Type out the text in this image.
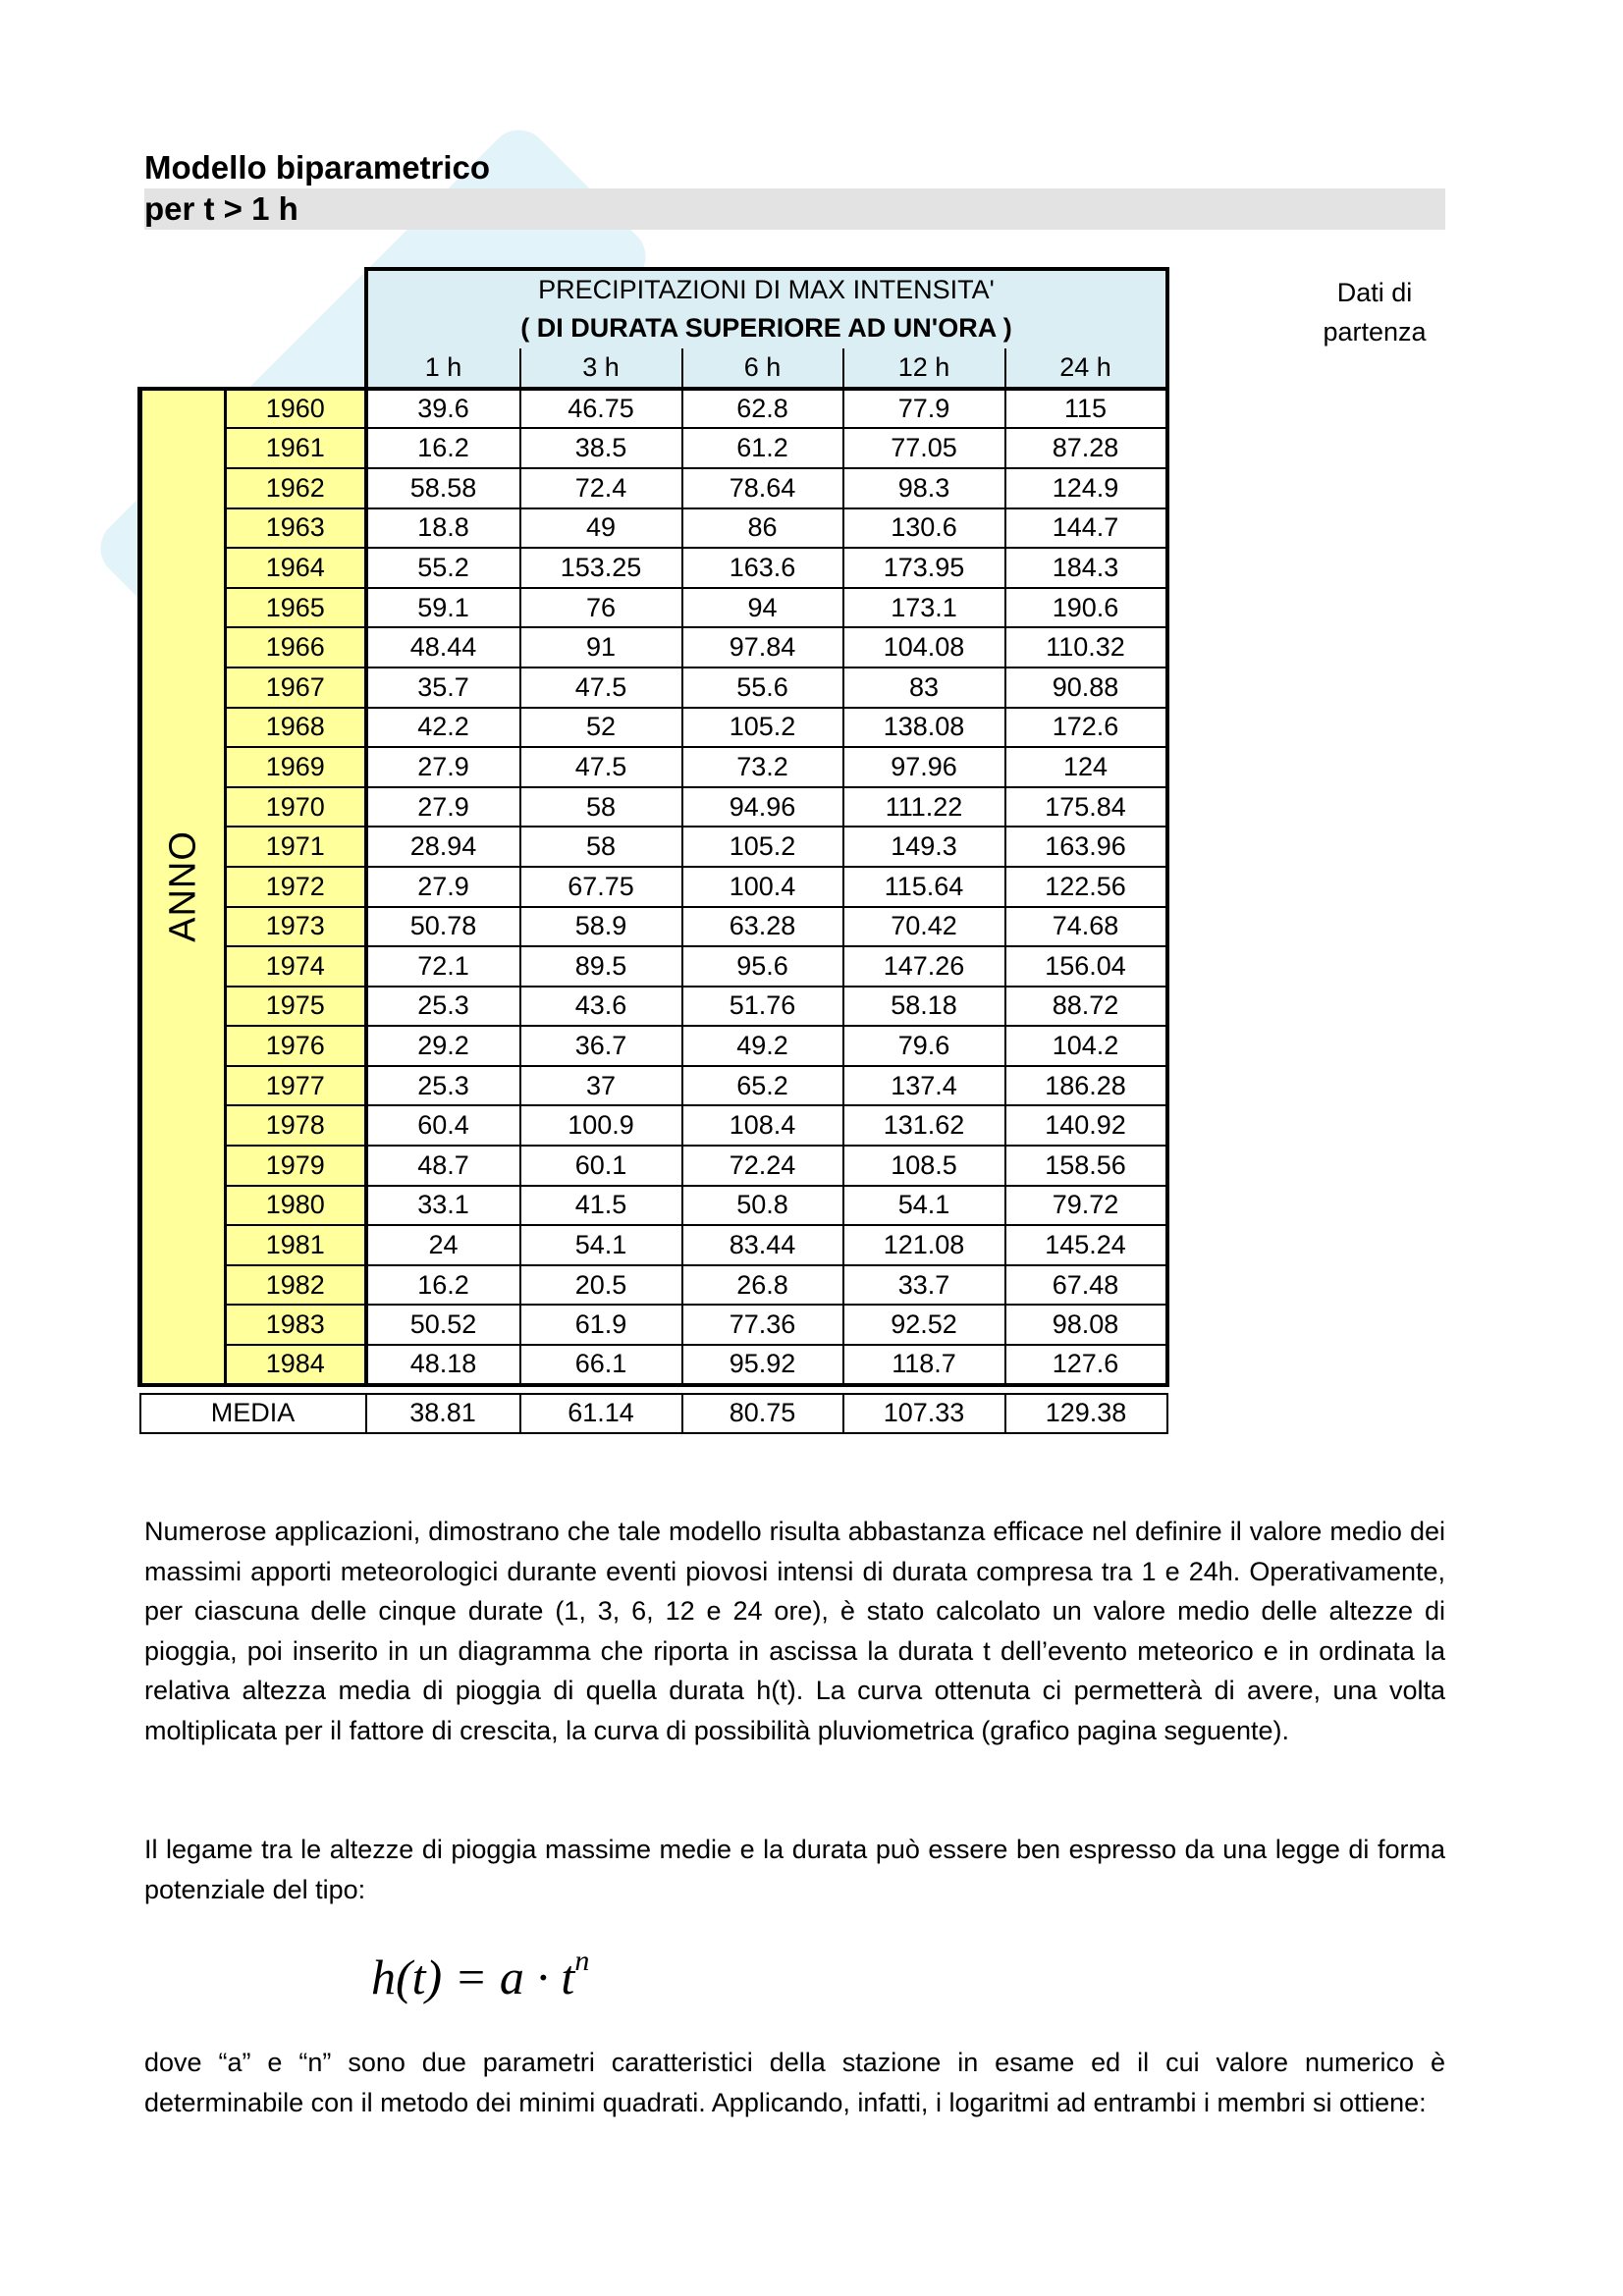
Modello biparametrico
per t > 1 h
Dati di
partenza
		PRECIPITAZIONI DI MAX INTENSITA'				
		( DI DURATA SUPERIORE AD UN'ORA )				
		1 h	3 h	6 h	12 h	24 h

ANNO	1960	39.6	46.75	62.8	77.9	115
	1961	16.2	38.5	61.2	77.05	87.28
	1962	58.58	72.4	78.64	98.3	124.9
	1963	18.8	49	86	130.6	144.7
	1964	55.2	153.25	163.6	173.95	184.3
	1965	59.1	76	94	173.1	190.6
	1966	48.44	91	97.84	104.08	110.32
	1967	35.7	47.5	55.6	83	90.88
	1968	42.2	52	105.2	138.08	172.6
	1969	27.9	47.5	73.2	97.96	124
	1970	27.9	58	94.96	111.22	175.84
	1971	28.94	58	105.2	149.3	163.96
	1972	27.9	67.75	100.4	115.64	122.56
	1973	50.78	58.9	63.28	70.42	74.68
	1974	72.1	89.5	95.6	147.26	156.04
	1975	25.3	43.6	51.76	58.18	88.72
	1976	29.2	36.7	49.2	79.6	104.2
	1977	25.3	37	65.2	137.4	186.28
	1978	60.4	100.9	108.4	131.62	140.92
	1979	48.7	60.1	72.24	108.5	158.56
	1980	33.1	41.5	50.8	54.1	79.72
	1981	24	54.1	83.44	121.08	145.24
	1982	16.2	20.5	26.8	33.7	67.48
	1983	50.52	61.9	77.36	92.52	98.08
	1984	48.18	66.1	95.92	118.7	127.6

MEDIA		38.81	61.14	80.75	107.33	129.38
Numerose applicazioni, dimostrano che tale modello risulta abbastanza efficace nel definire il valore medio dei massimi apporti meteorologici durante eventi piovosi intensi di durata compresa tra 1 e 24h. Operativamente, per ciascuna delle cinque durate (1, 3, 6, 12 e 24 ore), è stato calcolato un valore medio delle altezze di pioggia, poi inserito in un diagramma che riporta in ascissa la durata t dell’evento meteorico e in ordinata la relativa altezza media di pioggia di quella durata h(t). La curva ottenuta ci permetterà di avere, una volta moltiplicata per il fattore di crescita, la curva di possibilità pluviometrica (grafico pagina seguente).
Il legame tra le altezze di pioggia massime medie e la durata può essere ben espresso da una legge di forma potenziale del tipo:
$h(t) = a \cdot t^n$
dove “a” e “n” sono due parametri caratteristici della stazione in esame ed il cui valore numerico è determinabile con il metodo dei minimi quadrati. Applicando, infatti, i logaritmi ad entrambi i membri si ottiene:
